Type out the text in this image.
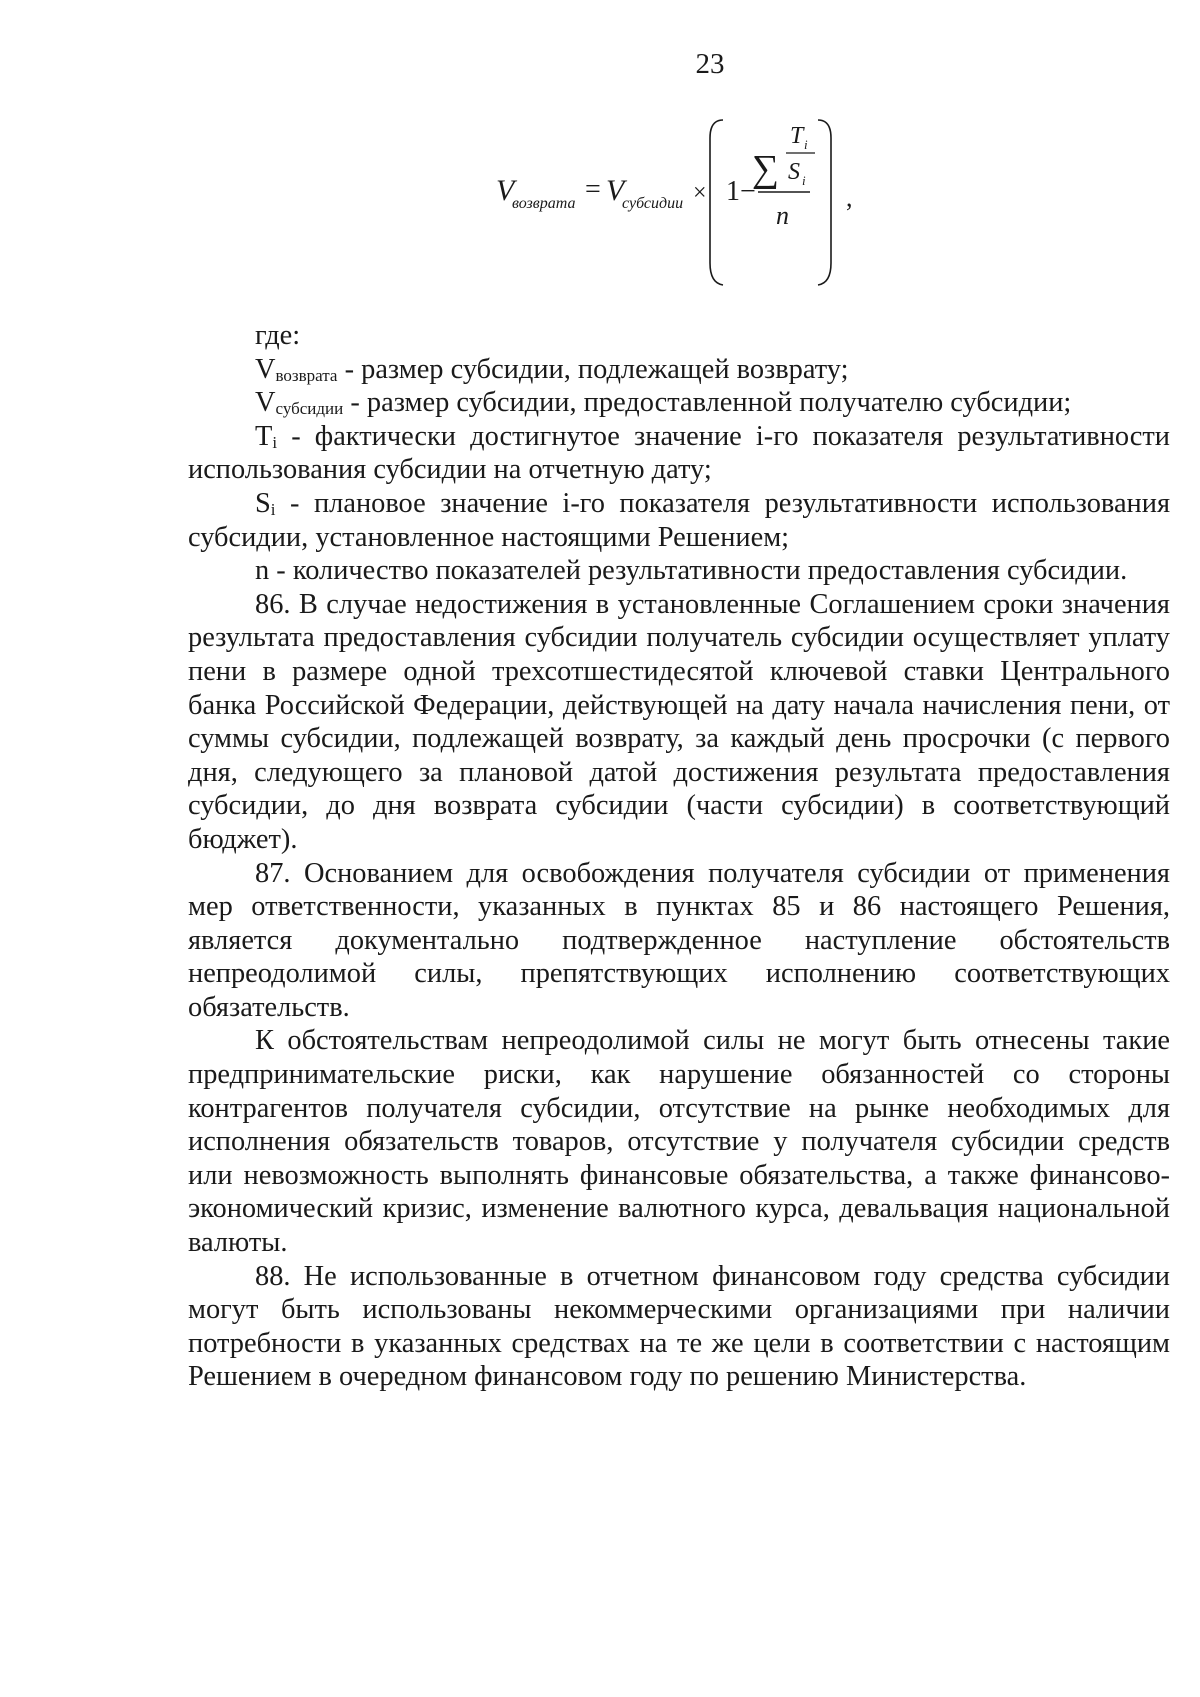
23
V
возврата = V
субсидии × 1−
∑
T i
S i
n
,

где:

$V_{возврата}$ - размер субсидии, подлежащей возврату;

$V_{субсидии}$ - размер субсидии, предоставленной получателю субсидии;

$T_i$ - фактически достигнутое значение i-го показателя результативности использования субсидии на отчетную дату;

$S_i$ - плановое значение i-го показателя результативности использования субсидии, установленное настоящими Решением;

n - количество показателей результативности предоставления субсидии.

86. В случае недостижения в установленные Соглашением сроки значения результата предоставления субсидии получатель субсидии осуществляет уплату пени в размере одной трехсотшестидесятой ключевой ставки Центрального банка Российской Федерации, действующей на дату начала начисления пени, от суммы субсидии, подлежащей возврату, за каждый день просрочки (с первого дня, следующего за плановой датой достижения результата предоставления субсидии, до дня возврата субсидии (части субсидии) в соответствующий бюджет).

87. Основанием для освобождения получателя субсидии от применения мер ответственности, указанных в пунктах 85 и 86 настоящего Решения, является документально подтвержденное наступление обстоятельств непреодолимой силы, препятствующих исполнению соответствующих обязательств.

К обстоятельствам непреодолимой силы не могут быть отнесены такие предпринимательские риски, как нарушение обязанностей со стороны контрагентов получателя субсидии, отсутствие на рынке необходимых для исполнения обязательств товаров, отсутствие у получателя субсидии средств или невозможность выполнять финансовые обязательства, а также финансово-экономический кризис, изменение валютного курса, девальвация национальной валюты.

88. Не использованные в отчетном финансовом году средства субсидии могут быть использованы некоммерческими организациями при наличии потребности в указанных средствах на те же цели в соответствии с настоящим Решением в очередном финансовом году по решению Министерства.
